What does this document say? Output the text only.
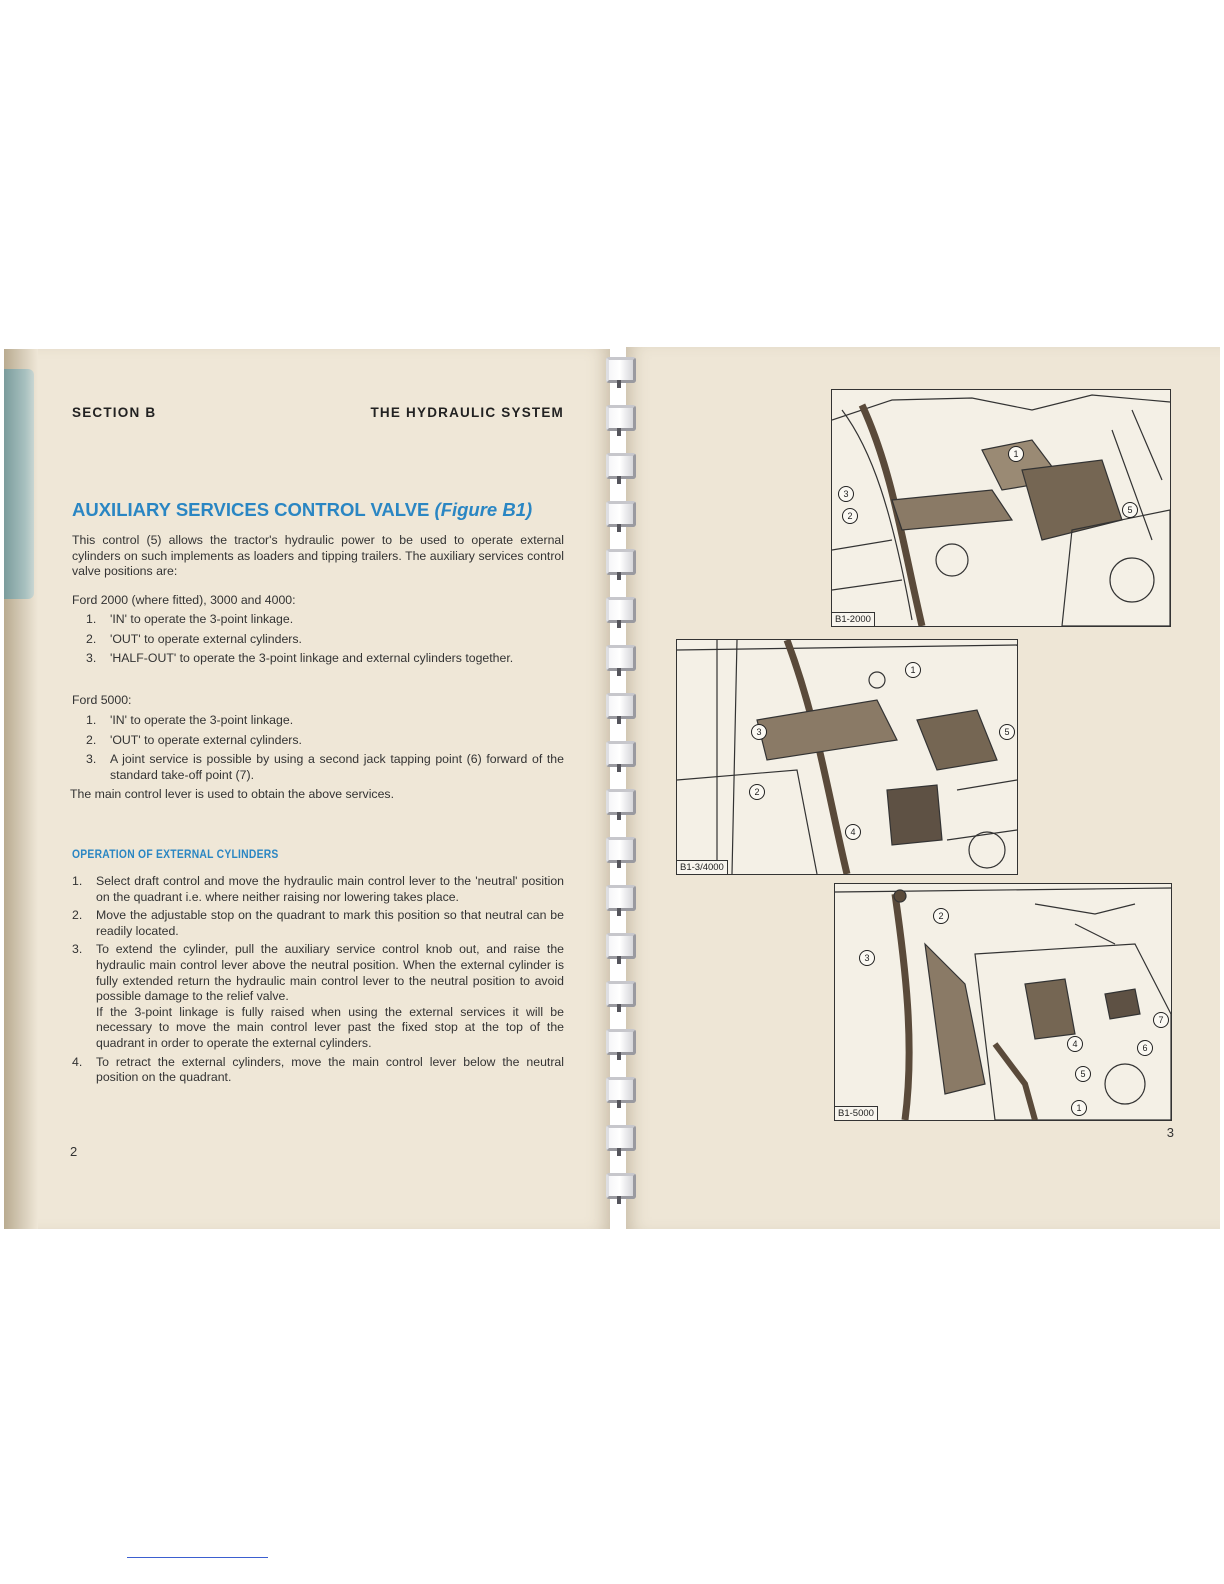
SECTION B	THE HYDRAULIC SYSTEM
AUXILIARY SERVICES CONTROL VALVE (Figure B1)

This control (5) allows the tractor's hydraulic power to be used to operate external cylinders on such implements as loaders and tipping trailers. The auxiliary services control valve positions are:

Ford 2000 (where fitted), 3000 and 4000:

1. 'IN' to operate the 3-point linkage.
2. 'OUT' to operate external cylinders.
3. 'HALF-OUT' to operate the 3-point linkage and external cylinders together.

Ford 5000:

1. 'IN' to operate the 3-point linkage.
2. 'OUT' to operate external cylinders.
3. A joint service is possible by using a second jack tapping point (6) forward of the standard take-off point (7).

The main control lever is used to obtain the above services.

OPERATION OF EXTERNAL CYLINDERS
1. Select draft control and move the hydraulic main control lever to the 'neutral' position on the quadrant i.e. where neither raising nor lowering takes place.
2. Move the adjustable stop on the quadrant to mark this position so that neutral can be readily located.
3. To extend the cylinder, pull the auxiliary service control knob out, and raise the hydraulic main control lever above the neutral position. When the external cylinder is fully extended return the hydraulic main control lever to the neutral position to avoid possible damage to the relief valve.
If the 3-point linkage is fully raised when using the external services it will be necessary to move the main control lever past the fixed stop at the top of the quadrant in order to operate the external cylinders.
4. To retract the external cylinders, move the main control lever below the neutral position on the quadrant.
2
1
2
3
5
B1-2000
1
2
3
4
5
B1-3/4000
1
2
3
4
5
6
7
B1-5000
3
